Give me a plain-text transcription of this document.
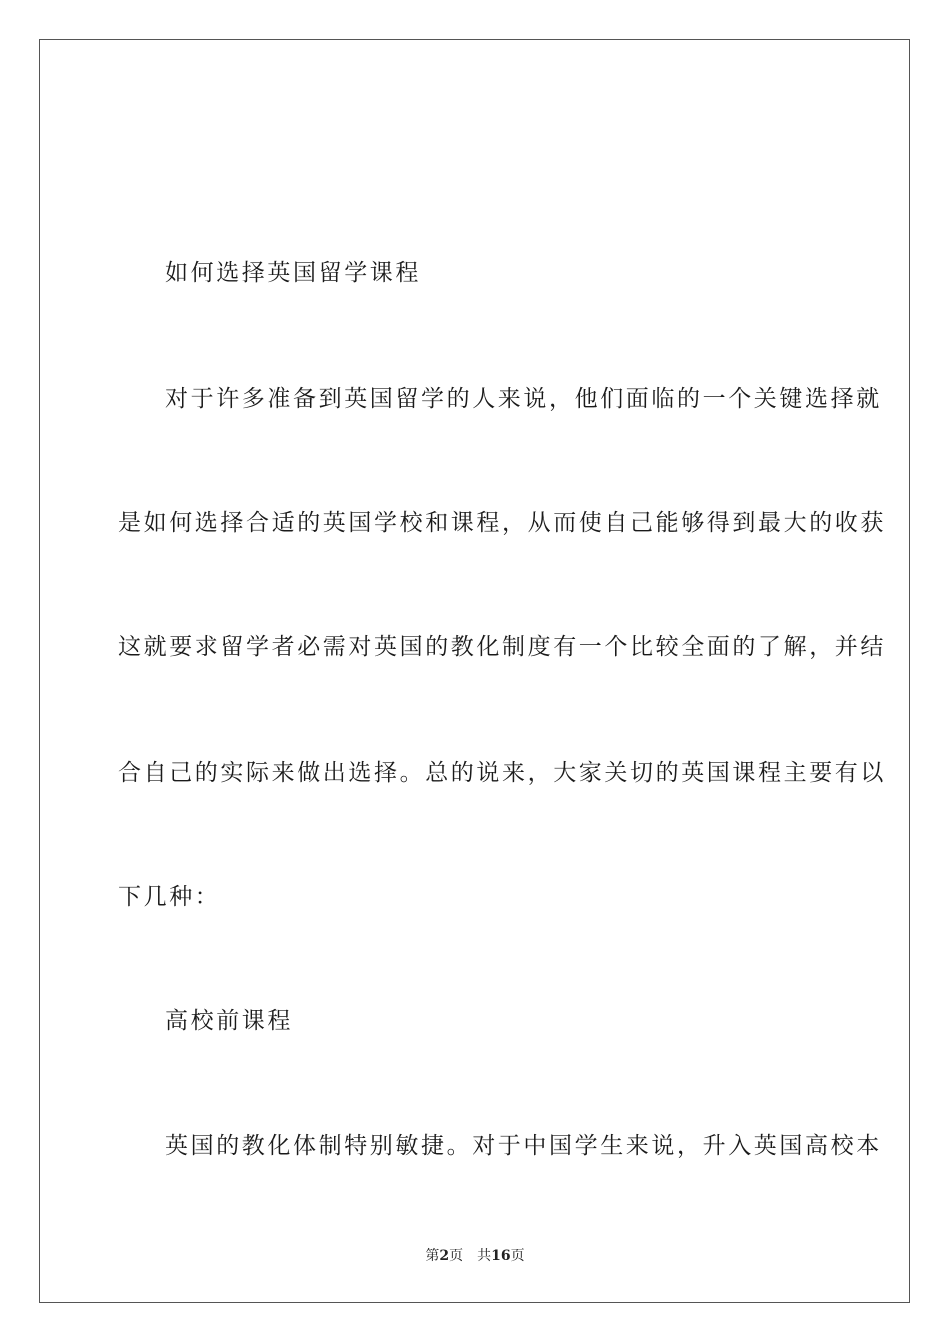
如何选择英国留学课程
对于许多准备到英国留学的人来说，他们面临的一个关键选择就
是如何选择合适的英国学校和课程，从而使自己能够得到最大的收获
这就要求留学者必需对英国的教化制度有一个比较全面的了解，并结
合自己的实际来做出选择。总的说来，大家关切的英国课程主要有以
下几种：
高校前课程
英国的教化体制特别敏捷。对于中国学生来说，升入英国高校本
第2页 共16页
